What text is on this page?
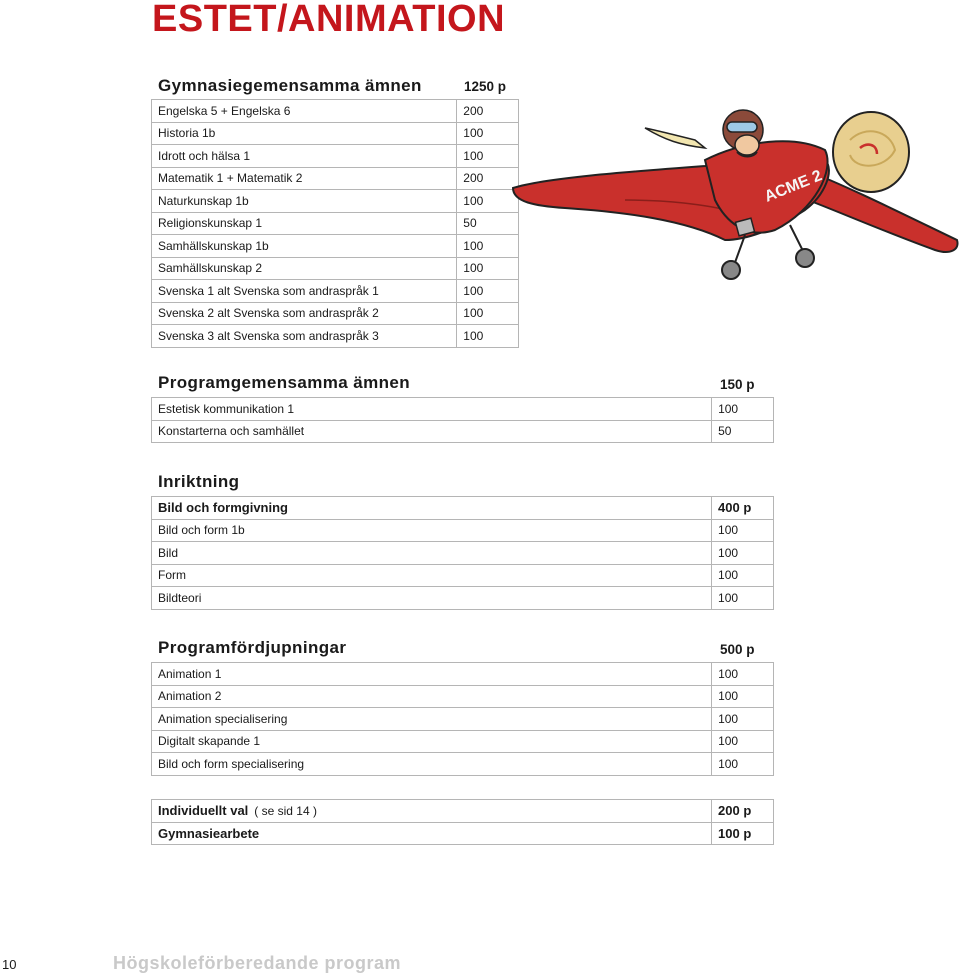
ESTET/ANIMATION
Gymnasiegemensamma ämnen	1250 p
Engelska 5 + Engelska 6	200
Historia 1b	100
Idrott och hälsa 1	100
Matematik 1 + Matematik 2	200
Naturkunskap 1b	100
Religionskunskap 1	50
Samhällskunskap 1b	100
Samhällskunskap 2	100
Svenska 1 alt Svenska som andraspråk 1	100
Svenska 2 alt Svenska som andraspråk 2	100
Svenska 3 alt Svenska som andraspråk 3	100
ACME 2
Programgemensamma ämnen	150 p
Estetisk kommunikation 1	100
Konstarterna och samhället	50
Inriktning
Bild och formgivning	400 p
Bild och form 1b	100
Bild	100
Form	100
Bildteori	100
Programfördjupningar	500 p
Animation 1	100
Animation 2	100
Animation specialisering	100
Digitalt skapande 1	100
Bild och form specialisering	100
Individuellt val ( se sid 14 )	200 p
Gymnasiearbete	100 p
10	Högskoleförberedande program
